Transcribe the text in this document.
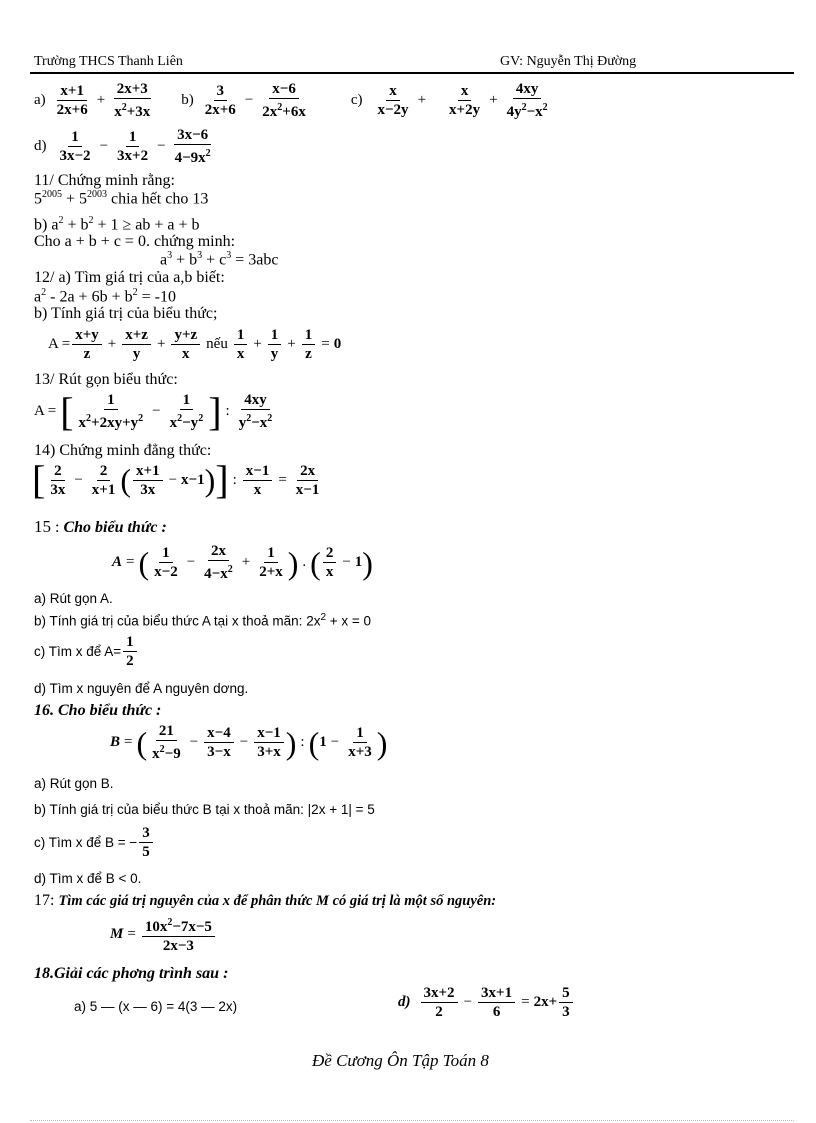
Trường THCS Thanh Liên	GV: Nguyễn Thị Đường
$a) \frac{x+1}{2x+6} + \frac{2x+3}{x^2+3x} b) \frac{3}{2x+6} - \frac{x-6}{2x^2+6x}$	$c) \frac{x}{x-2y} + \frac{x}{x+2y} + \frac{4xy}{4y^2-x^2}$
$d) \frac{1}{3x-2} - \frac{1}{3x+2} - \frac{3x-6}{4-9x^2}$
11/ Chứng minh rằng:
$5^{2005} + 5^{2003}$ chia hết cho 13
b) $a^2 + b^2 + 1$ ≥ ab + a + b
Cho a + b + c = 0. chứng minh:
$a^3 + b^3 + c^3 = 3abc$
12/ a) Tìm giá trị của a,b biết:
$a^2 - 2a + 6b + b^2 = -10$
b) Tính giá trị của biểu thức;
$A = \frac{x+y}{z} + \frac{x+z}{y} + \frac{y+z}{x}$ nếu $\frac{1}{x} + \frac{1}{y} + \frac{1}{z} = 0$
13/ Rút gọn biểu thức:
A = [ $\frac{1}{x^2+2xy+y^2} - \frac{1}{x^2-y^2}$ ] : $\frac{4xy}{y^2-x^2}$
14) Chứng minh đẳng thức:
[ $\frac{2}{3x} - \frac{2}{x+1}$ ( $\frac{x+1}{3x} - x-1$ ) ] : $\frac{x-1}{x} = \frac{2x}{x-1}$
15 : Cho biểu thức :
A = ( $\frac{1}{x-2} - \frac{2x}{4-x^2} + \frac{1}{2+x}$ ) . ( $\frac{2}{x} - 1$ )
a) Rút gọn A.
b) Tính giá trị của biểu thức A tại x thoả mãn: $2x^2 + x = 0$
c) Tìm x để $A= \frac{1}{2}$
d) Tìm x nguyên để A nguyên dơng.
16. Cho biểu thức :
B = ( $\frac{21}{x^2-9} - \frac{x-4}{3-x} - \frac{x-1}{3+x}$ ) : ( $1 - \frac{1}{x+3}$ )
a) Rút gọn B.
b) Tính giá trị của biểu thức B tại x thoả mãn: |2x + 1| = 5
c) Tìm x để B = − $\frac{3}{5}$
d) Tìm x để B < 0.
17: Tìm các giá trị nguyên của x để phân thức M có giá trị là một số nguyên:
$M = \frac{10x^2-7x-5}{2x-3}$
18.Giải các phơng trình sau :
a) 5 — (x — 6) = 4(3 — 2x)	$d) \frac{3x+2}{2} - \frac{3x+1}{6} = 2x+ \frac{5}{3}$
Đề Cương Ôn Tập Toán 8
